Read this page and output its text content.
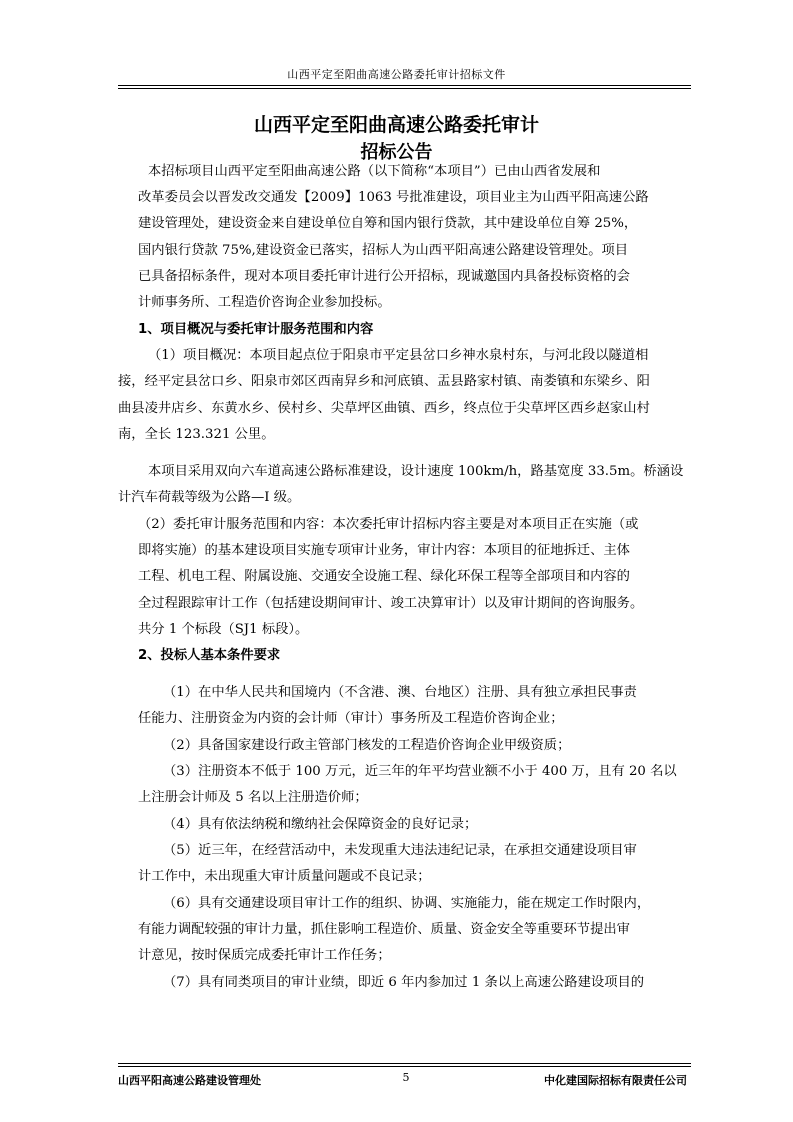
山西平定至阳曲高速公路委托审计招标文件
山西平定至阳曲高速公路委托审计
招标公告
本招标项目山西平定至阳曲高速公路（以下简称“本项目”）已由山西省发展和
改革委员会以晋发改交通发【2009】1063 号批准建设，项目业主为山西平阳高速公路
建设管理处，建设资金来自建设单位自筹和国内银行贷款，其中建设单位自筹 25%，
国内银行贷款 75%,建设资金已落实，招标人为山西平阳高速公路建设管理处。项目
已具备招标条件，现对本项目委托审计进行公开招标，现诚邀国内具备投标资格的会
计师事务所、工程造价咨询企业参加投标。
1、项目概况与委托审计服务范围和内容
（1）项目概况：本项目起点位于阳泉市平定县岔口乡神水泉村东，与河北段以隧道相
接，经平定县岔口乡、阳泉市郊区西南舁乡和河底镇、盂县路家村镇、南娄镇和东梁乡、阳
曲县凌井店乡、东黄水乡、侯村乡、尖草坪区曲镇、西乡，终点位于尖草坪区西乡赵家山村
南，全长 123.321 公里。
本项目采用双向六车道高速公路标准建设，设计速度 100km/h，路基宽度 33.5m。桥涵设
计汽车荷载等级为公路—I 级。
（2）委托审计服务范围和内容：本次委托审计招标内容主要是对本项目正在实施（或
即将实施）的基本建设项目实施专项审计业务，审计内容：本项目的征地拆迁、主体
工程、机电工程、附属设施、交通安全设施工程、绿化环保工程等全部项目和内容的
全过程跟踪审计工作（包括建设期间审计、竣工决算审计）以及审计期间的咨询服务。
共分 1 个标段（SJ1 标段）。
2、投标人基本条件要求
（1）在中华人民共和国境内（不含港、澳、台地区）注册、具有独立承担民事责
任能力、注册资金为内资的会计师（审计）事务所及工程造价咨询企业；
（2）具备国家建设行政主管部门核发的工程造价咨询企业甲级资质；
（3）注册资本不低于 100 万元，近三年的年平均营业额不小于 400 万，且有 20 名以
上注册会计师及 5 名以上注册造价师；
（4）具有依法纳税和缴纳社会保障资金的良好记录；
（5）近三年，在经营活动中，未发现重大违法违纪记录，在承担交通建设项目审
计工作中，未出现重大审计质量问题或不良记录；
（6）具有交通建设项目审计工作的组织、协调、实施能力，能在规定工作时限内，
有能力调配较强的审计力量，抓住影响工程造价、质量、资金安全等重要环节提出审
计意见，按时保质完成委托审计工作任务；
（7）具有同类项目的审计业绩，即近 6 年内参加过 1 条以上高速公路建设项目的
山西平阳高速公路建设管理处	5	中化建国际招标有限责任公司
